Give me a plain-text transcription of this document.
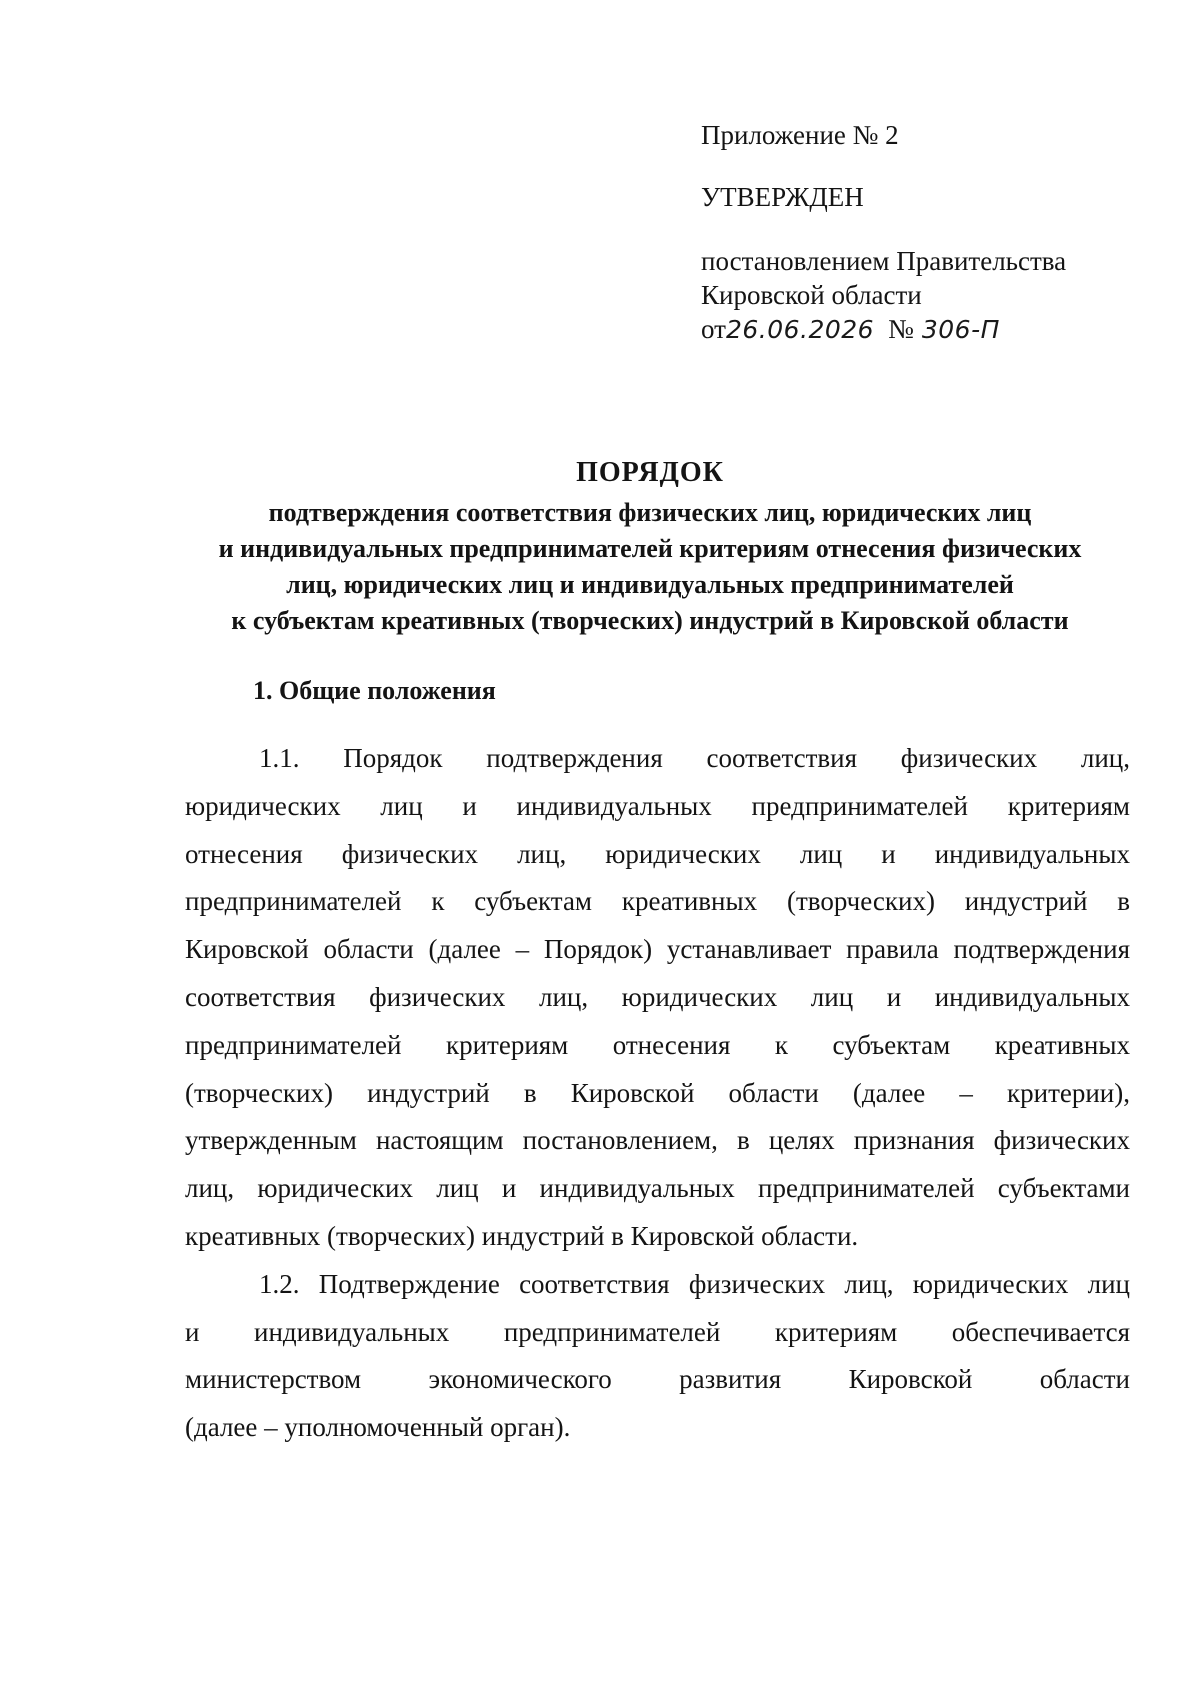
Приложение № 2
УТВЕРЖДЕН
постановлением Правительства
Кировской области
от26.06.2026 № 306-П

ПОРЯДОК

подтверждения соответствия физических лиц, юридических лиц
и индивидуальных предпринимателей критериям отнесения физических
лиц, юридических лиц и индивидуальных предпринимателей
к субъектам креативных (творческих) индустрий в Кировской области

1. Общие положения
1.1. Порядок подтверждения соответствия физических лиц,
юридических лиц и индивидуальных предпринимателей критериям
отнесения физических лиц, юридических лиц и индивидуальных
предпринимателей к субъектам креативных (творческих) индустрий в
Кировской области (далее – Порядок) устанавливает правила подтверждения
соответствия физических лиц, юридических лиц и индивидуальных
предпринимателей критериям отнесения к субъектам креативных
(творческих) индустрий в Кировской области (далее – критерии),
утвержденным настоящим постановлением, в целях признания физических
лиц, юридических лиц и индивидуальных предпринимателей субъектами
креативных (творческих) индустрий в Кировской области.
1.2. Подтверждение соответствия физических лиц, юридических лиц
и индивидуальных предпринимателей критериям обеспечивается
министерством экономического развития Кировской области
(далее – уполномоченный орган).
